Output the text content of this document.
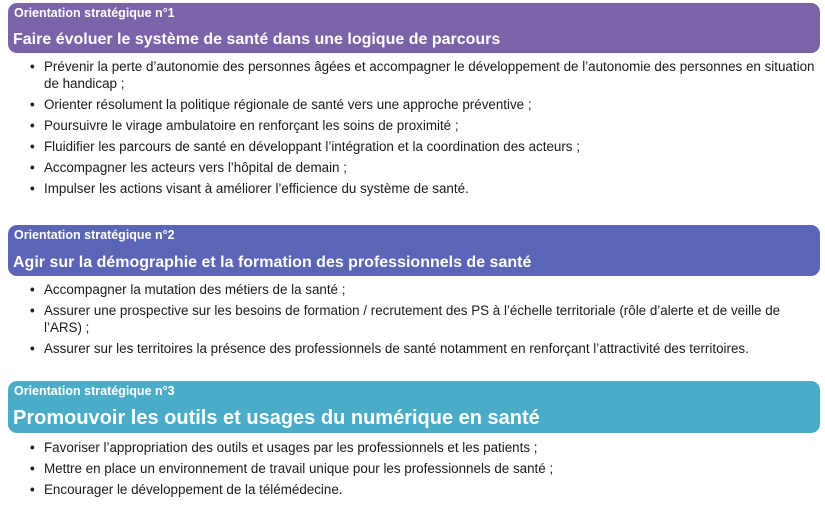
Orientation stratégique n°1
Faire évoluer le système de santé dans une logique de parcours
• Prévenir la perte d’autonomie des personnes âgées et accompagner le développement de l’autonomie des personnes en situation de handicap ;
• Orienter résolument la politique régionale de santé vers une approche préventive ;
• Poursuivre le virage ambulatoire en renforçant les soins de proximité ;
• Fluidifier les parcours de santé en développant l’intégration et la coordination des acteurs ;
• Accompagner les acteurs vers l’hôpital de demain ;
• Impulser les actions visant à améliorer l’efficience du système de santé.
Orientation stratégique n°2
Agir sur la démographie et la formation des professionnels de santé
• Accompagner la mutation des métiers de la santé ;
• Assurer une prospective sur les besoins de formation / recrutement des PS à l’échelle territoriale (rôle d’alerte et de veille de l’ARS) ;
• Assurer sur les territoires la présence des professionnels de santé notamment en renforçant l’attractivité des territoires.
Orientation stratégique n°3
Promouvoir les outils et usages du numérique en santé
• Favoriser l’appropriation des outils et usages par les professionnels et les patients ;
• Mettre en place un environnement de travail unique pour les professionnels de santé ;
• Encourager le développement de la télémédecine.
